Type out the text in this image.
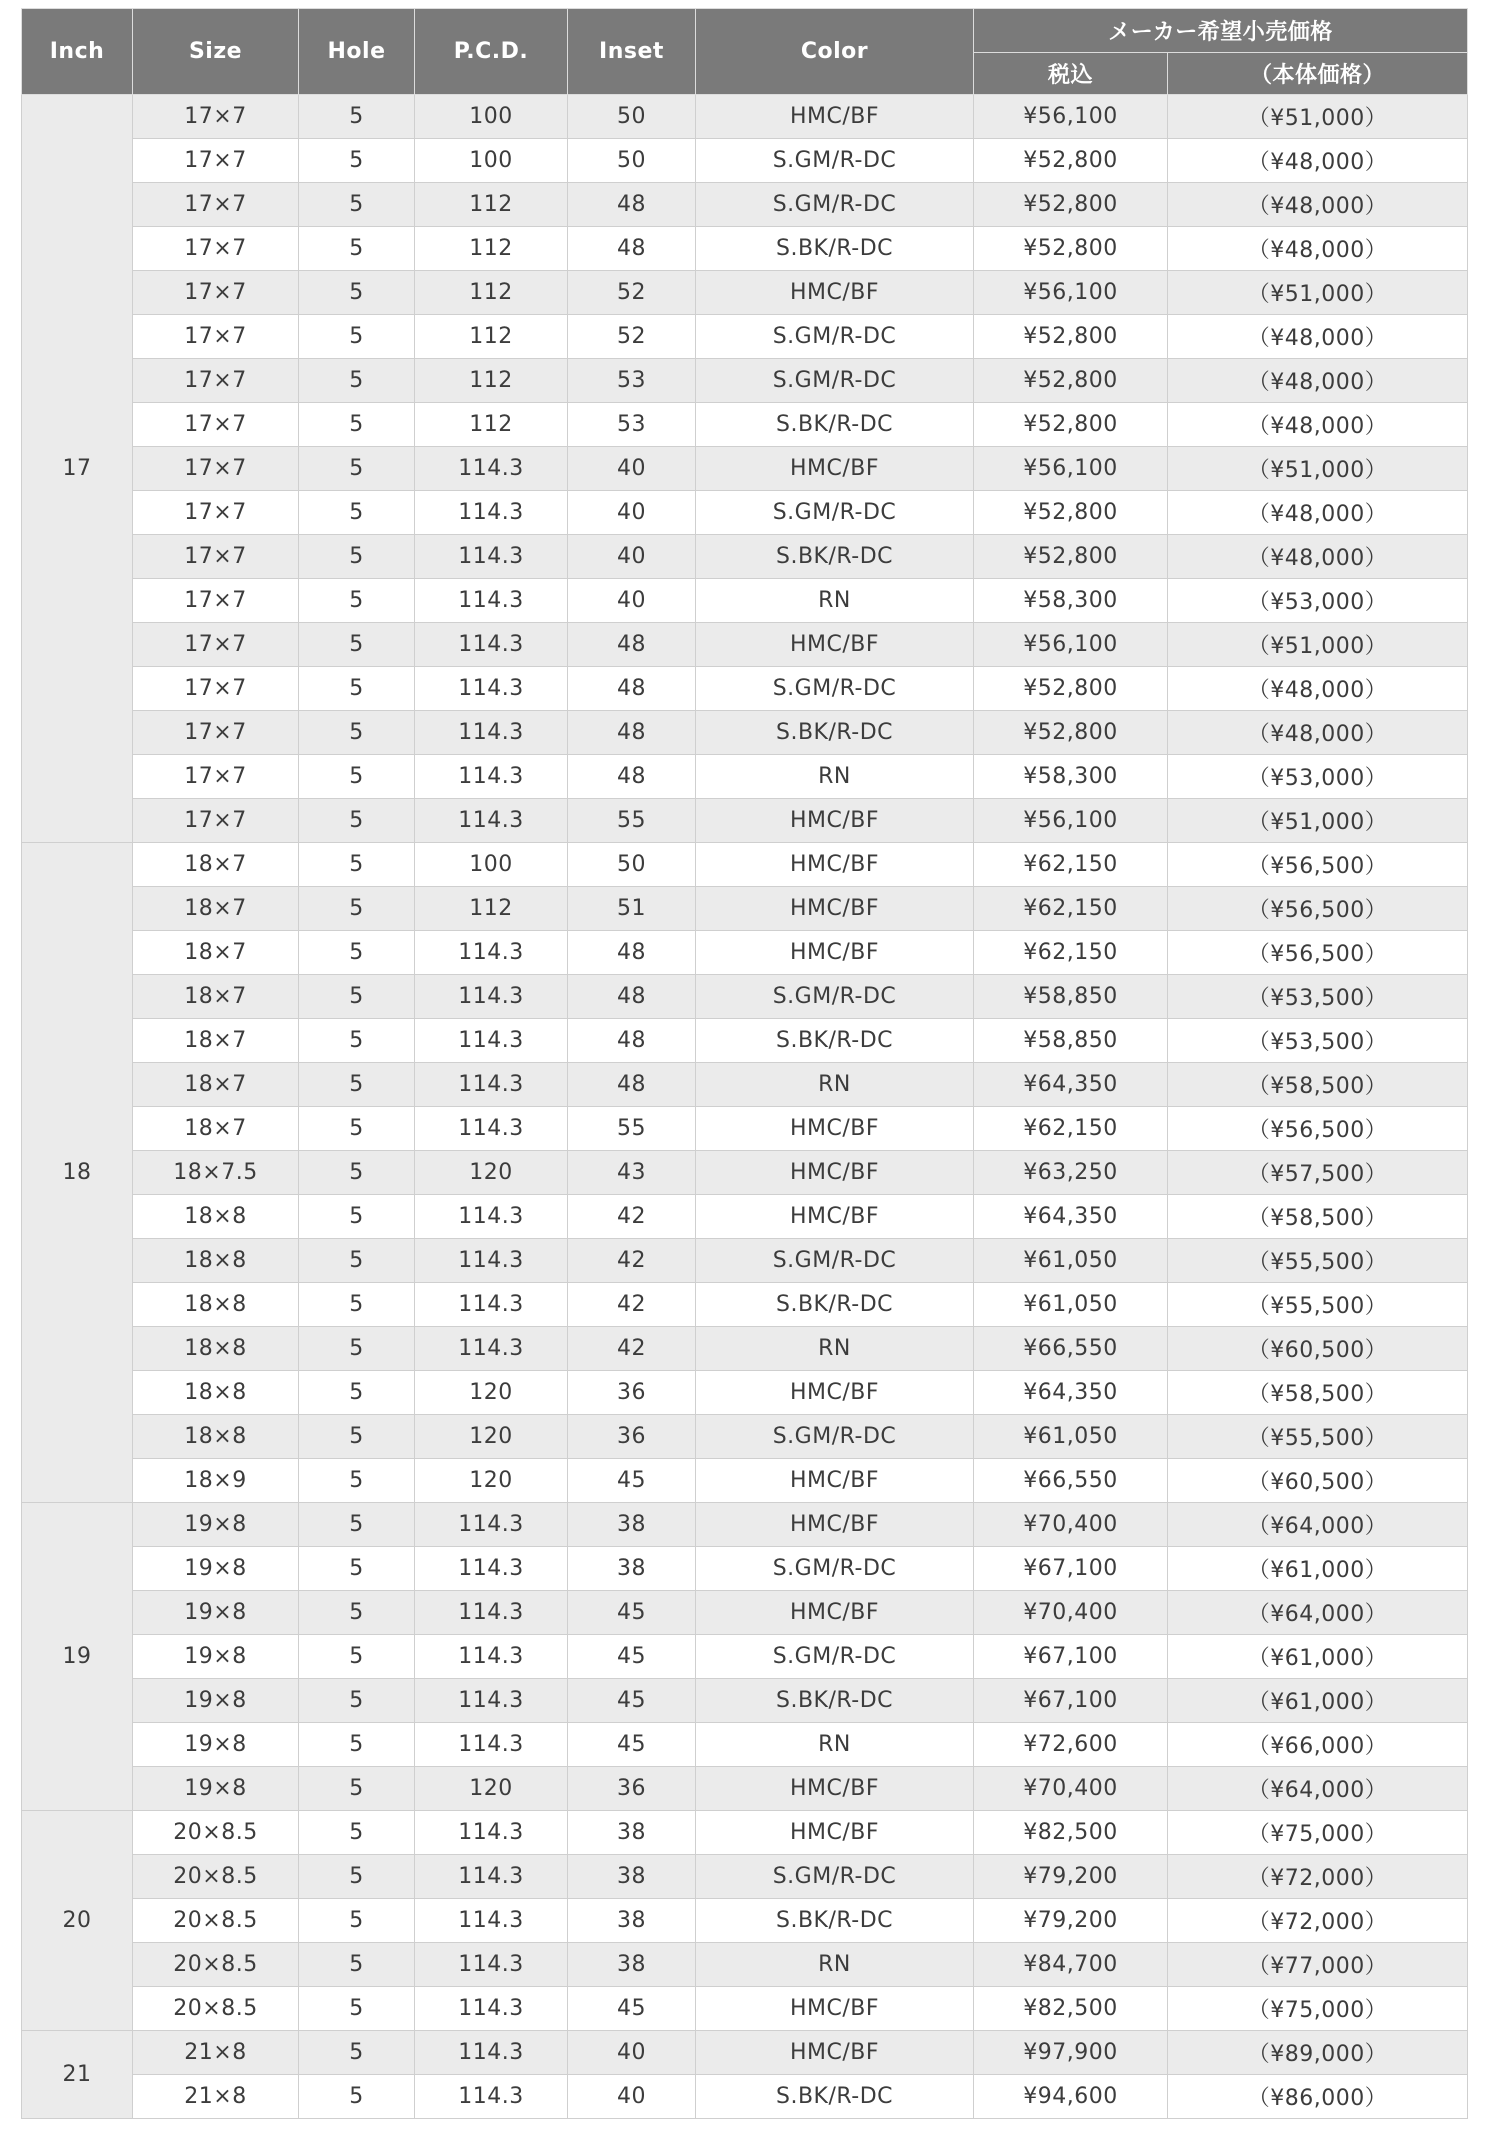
Inch	Size	Hole	P.C.D.	Inset	Color	メーカー希望小売価格	
						税込	（本体価格）
17	17×7	5	100	50	HMC/BF	¥56,100	（¥51,000）
	17×7	5	100	50	S.GM/R-DC	¥52,800	（¥48,000）
	17×7	5	112	48	S.GM/R-DC	¥52,800	（¥48,000）
	17×7	5	112	48	S.BK/R-DC	¥52,800	（¥48,000）
	17×7	5	112	52	HMC/BF	¥56,100	（¥51,000）
	17×7	5	112	52	S.GM/R-DC	¥52,800	（¥48,000）
	17×7	5	112	53	S.GM/R-DC	¥52,800	（¥48,000）
	17×7	5	112	53	S.BK/R-DC	¥52,800	（¥48,000）
	17×7	5	114.3	40	HMC/BF	¥56,100	（¥51,000）
	17×7	5	114.3	40	S.GM/R-DC	¥52,800	（¥48,000）
	17×7	5	114.3	40	S.BK/R-DC	¥52,800	（¥48,000）
	17×7	5	114.3	40	RN	¥58,300	（¥53,000）
	17×7	5	114.3	48	HMC/BF	¥56,100	（¥51,000）
	17×7	5	114.3	48	S.GM/R-DC	¥52,800	（¥48,000）
	17×7	5	114.3	48	S.BK/R-DC	¥52,800	（¥48,000）
	17×7	5	114.3	48	RN	¥58,300	（¥53,000）
	17×7	5	114.3	55	HMC/BF	¥56,100	（¥51,000）
18	18×7	5	100	50	HMC/BF	¥62,150	（¥56,500）
	18×7	5	112	51	HMC/BF	¥62,150	（¥56,500）
	18×7	5	114.3	48	HMC/BF	¥62,150	（¥56,500）
	18×7	5	114.3	48	S.GM/R-DC	¥58,850	（¥53,500）
	18×7	5	114.3	48	S.BK/R-DC	¥58,850	（¥53,500）
	18×7	5	114.3	48	RN	¥64,350	（¥58,500）
	18×7	5	114.3	55	HMC/BF	¥62,150	（¥56,500）
	18×7.5	5	120	43	HMC/BF	¥63,250	（¥57,500）
	18×8	5	114.3	42	HMC/BF	¥64,350	（¥58,500）
	18×8	5	114.3	42	S.GM/R-DC	¥61,050	（¥55,500）
	18×8	5	114.3	42	S.BK/R-DC	¥61,050	（¥55,500）
	18×8	5	114.3	42	RN	¥66,550	（¥60,500）
	18×8	5	120	36	HMC/BF	¥64,350	（¥58,500）
	18×8	5	120	36	S.GM/R-DC	¥61,050	（¥55,500）
	18×9	5	120	45	HMC/BF	¥66,550	（¥60,500）
19	19×8	5	114.3	38	HMC/BF	¥70,400	（¥64,000）
	19×8	5	114.3	38	S.GM/R-DC	¥67,100	（¥61,000）
	19×8	5	114.3	45	HMC/BF	¥70,400	（¥64,000）
	19×8	5	114.3	45	S.GM/R-DC	¥67,100	（¥61,000）
	19×8	5	114.3	45	S.BK/R-DC	¥67,100	（¥61,000）
	19×8	5	114.3	45	RN	¥72,600	（¥66,000）
	19×8	5	120	36	HMC/BF	¥70,400	（¥64,000）
20	20×8.5	5	114.3	38	HMC/BF	¥82,500	（¥75,000）
	20×8.5	5	114.3	38	S.GM/R-DC	¥79,200	（¥72,000）
	20×8.5	5	114.3	38	S.BK/R-DC	¥79,200	（¥72,000）
	20×8.5	5	114.3	38	RN	¥84,700	（¥77,000）
	20×8.5	5	114.3	45	HMC/BF	¥82,500	（¥75,000）
21	21×8	5	114.3	40	HMC/BF	¥97,900	（¥89,000）
	21×8	5	114.3	40	S.BK/R-DC	¥94,600	（¥86,000）
